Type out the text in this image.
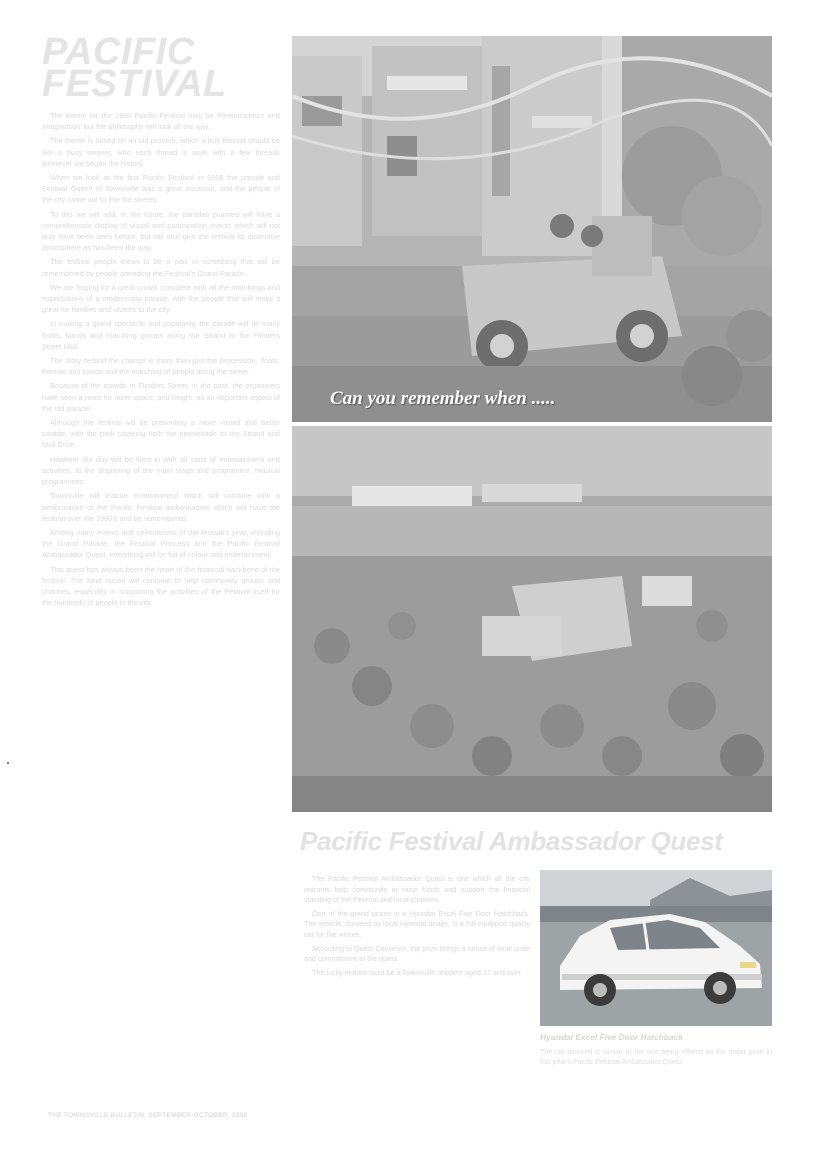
PACIFIC
FESTIVAL

The theme for the 1990 Pacific Festival may be 'Reminiscence and Imagination' but the philosophy will look all the way.

The theme is based on an old proverb, which a true festival should be like a busy weaver, who each thread is work with a few threads wherever we began the history.

When we look at the first Pacific Festival in 1966 the parade and Festival Queen of Townsville was a great occasion, and the people of the city came out to line the streets.

To this we will add, in the future, the parades planned will have a comprehensive display of visual and participation events which will not only have been seen before, but will also give the festival its distinctive atmosphere as has been the way.

The festival people mean to be a part of something that will be remembered by people attending the Festival's Grand Parade.

We are hoping for a great crowd, complete with all the marchings and expectations of a modern-day parade, with the people that will make it great for families and visitors to the city.

In making a grand spectacle and popularity, the parade will tie many floats, bands and marching groups along the Strand to the Flinders Street Mall.

The story behind the change is more than just the procession, floats, themes and bands and the marching of people along the street.

Because of the crowds in Flinders Street, in the past, the organisers have seen a need for more space, and height, as an important aspect of the old parade.

Although the festival will be presenting a more varied and better parade, with the park covering both the promenade to the Strand and Mall Drive.

However the day will be filled in with all sorts of entertainment and activities, to the beginning of the main stage and programme, musical programmes.

Townsville will feature entertainment which will combine with a performance of the Pacific Festival ambassadors which will have the festival over the 1990's and be remembered.

Among many events and celebrations of the festival's year, including the Grand Parade, the Festival Princess and the Pacific Festival Ambassador Quest, everything will be full of colour and entertainment.

This quest has always been the heart of the financial backbone of the festival. The fund raised will continue to help community groups and charities, especially in supporting the activities of the Festival itself for the hundreds of people in the city.

THE TOWNSVILLE BULLETIN, SEPTEMBER-OCTOBER, 1990
Can you remember when .....
Pacific Festival Ambassador Quest

The Pacific Festival Ambassador Quest is one which all the city entrants help community to raise funds and support the financial standing of the Festival and local charities.

One of the grand prizes is a Hyundai Excel Five Door Hatchback. The vehicle, donated by local Hyundai dealer, is a full-equipped quality car for the winner.

According to Quest Convenor, the prize brings a sense of local pride and commitment to the quest.

The lucky entrant must be a Townsville resident aged 17 and over.

Hyundai Excel Five Door Hatchback

The car pictured is similar to the one being offered as the major prize in this year's Pacific Festival Ambassador Quest.
